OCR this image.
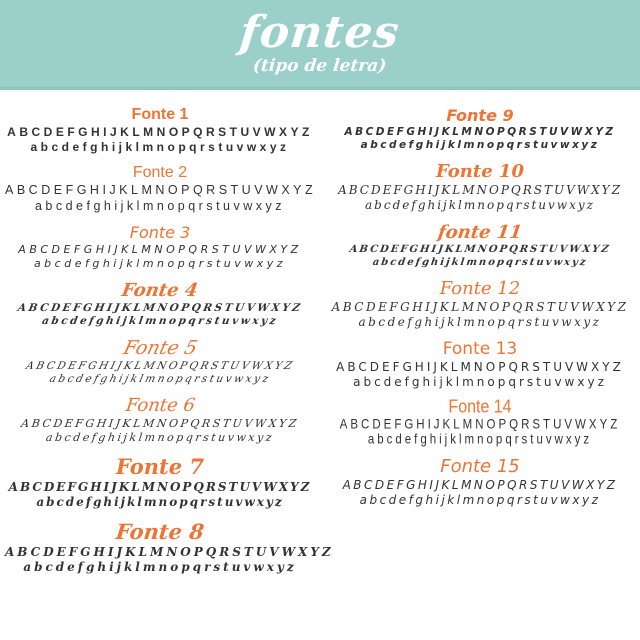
fontes
(tipo de letra)
Fonte 1
ABCDEFGHIJKLMNOPQRSTUVWXYZ
abcdefghijklmnopqrstuvwxyz
Fonte 2
ABCDEFGHIJKLMNOPQRSTUVWXYZ
abcdefghijklmnopqrstuvwxyz
Fonte 3
ABCDEFGHIJKLMNOPQRSTUVWXYZ
abcdefghijklmnopqrstuvwxyz
Fonte 4
ABCDEFGHIJKLMNOPQRSTUVWXYZ
abcdefghijklmnopqrstuvwxyz
Fonte 5
ABCDEFGHIJKLMNOPQRSTUVWXYZ
abcdefghijklmnopqrstuvwxyz
Fonte 6
ABCDEFGHIJKLMNOPQRSTUVWXYZ
abcdefghijklmnopqrstuvwxyz
Fonte 7
ABCDEFGHIJKLMNOPQRSTUVWXYZ
abcdefghijklmnopqrstuvwxyz
Fonte 8
ABCDEFGHIJKLMNOPQRSTUVWXYZ
abcdefghijklmnopqrstuvwxyz
Fonte 9
ABCDEFGHIJKLMNOPQRSTUVWXYZ
abcdefghijklmnopqrstuvwxyz
Fonte 10
ABCDEFGHIJKLMNOPQRSTUVWXYZ
abcdefghijklmnopqrstuvwxyz
fonte 11
ABCDEFGHIJKLMNOPQRSTUVWXYZ
abcdefghijklmnopqrstuvwxyz
Fonte 12
ABCDEFGHIJKLMNOPQRSTUVWXYZ
abcdefghijklmnopqrstuvwxyz
Fonte 13
ABCDEFGHIJKLMNOPQRSTUVWXYZ
abcdefghijklmnopqrstuvwxyz
Fonte 14
ABCDEFGHIJKLMNOPQRSTUVWXYZ
abcdefghijklmnopqrstuvwxyz
Fonte 15
ABCDEFGHIJKLMNOPQRSTUVWXYZ
abcdefghijklmnopqrstuvwxyz
